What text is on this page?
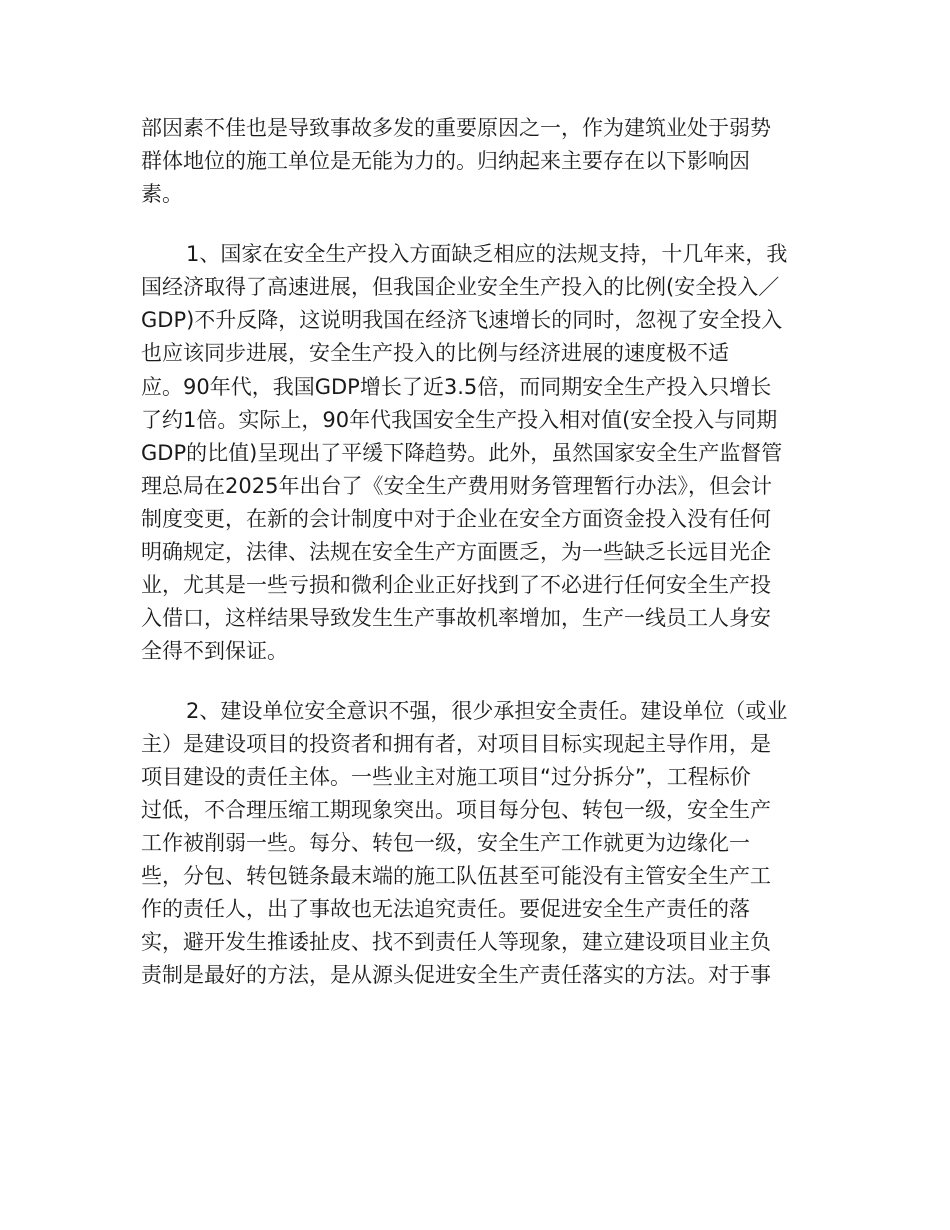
部因素不佳也是导致事故多发的重要原因之一，作为建筑业处于弱势
群体地位的施工单位是无能为力的。归纳起来主要存在以下影响因
素。
1、国家在安全生产投入方面缺乏相应的法规支持，十几年来，我
国经济取得了高速进展，但我国企业安全生产投入的比例(安全投入／
GDP)不升反降，这说明我国在经济飞速增长的同时，忽视了安全投入
也应该同步进展，安全生产投入的比例与经济进展的速度极不适
应。90年代，我国GDP增长了近3.5倍，而同期安全生产投入只增长
了约1倍。实际上，90年代我国安全生产投入相对值(安全投入与同期
GDP的比值)呈现出了平缓下降趋势。此外，虽然国家安全生产监督管
理总局在2025年出台了《安全生产费用财务管理暂行办法》，但会计
制度变更，在新的会计制度中对于企业在安全方面资金投入没有任何
明确规定，法律、法规在安全生产方面匮乏，为一些缺乏长远目光企
业，尤其是一些亏损和微利企业正好找到了不必进行任何安全生产投
入借口，这样结果导致发生生产事故机率增加，生产一线员工人身安
全得不到保证。
2、建设单位安全意识不强，很少承担安全责任。建设单位（或业
主）是建设项目的投资者和拥有者，对项目目标实现起主导作用，是
项目建设的责任主体。一些业主对施工项目“过分拆分”，工程标价
过低，不合理压缩工期现象突出。项目每分包、转包一级，安全生产
工作被削弱一些。每分、转包一级，安全生产工作就更为边缘化一
些，分包、转包链条最末端的施工队伍甚至可能没有主管安全生产工
作的责任人，出了事故也无法追究责任。要促进安全生产责任的落
实，避开发生推诿扯皮、找不到责任人等现象，建立建设项目业主负
责制是最好的方法，是从源头促进安全生产责任落实的方法。对于事
